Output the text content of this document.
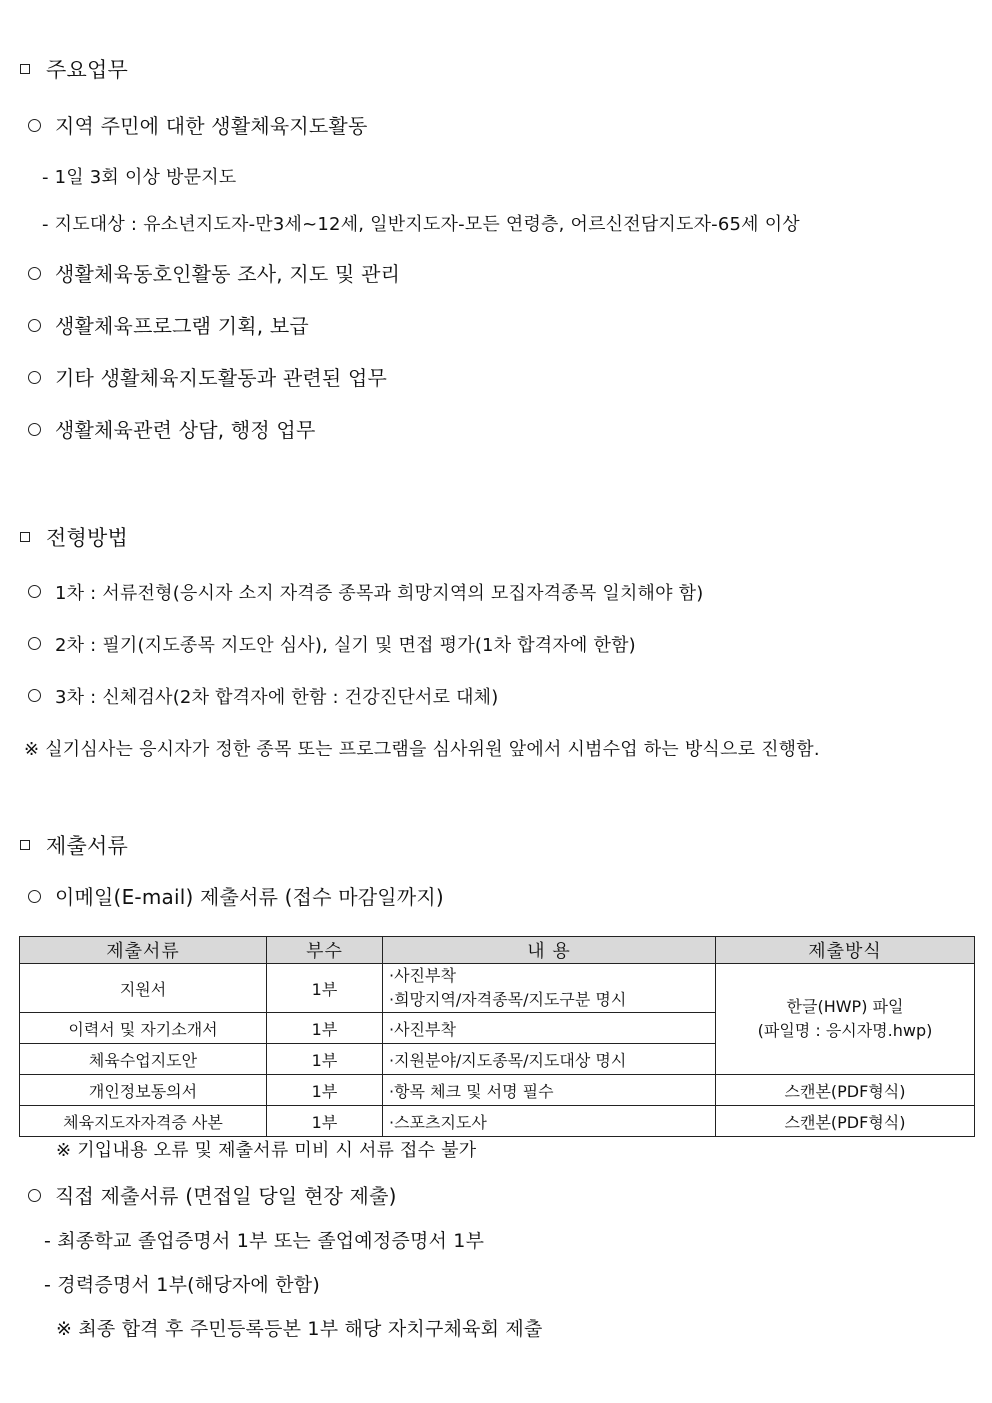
주요업무
지역 주민에 대한 생활체육지도활동
- 1일 3회 이상 방문지도
- 지도대상 : 유소년지도자-만3세~12세, 일반지도자-모든 연령층, 어르신전담지도자-65세 이상
생활체육동호인활동 조사, 지도 및 관리
생활체육프로그램 기획, 보급
기타 생활체육지도활동과 관련된 업무
생활체육관련 상담, 행정 업무
전형방법
1차 : 서류전형(응시자 소지 자격증 종목과 희망지역의 모집자격종목 일치해야 함)
2차 : 필기(지도종목 지도안 심사), 실기 및 면접 평가(1차 합격자에 한함)
3차 : 신체검사(2차 합격자에 한함 : 건강진단서로 대체)
※ 실기심사는 응시자가 정한 종목 또는 프로그램을 심사위원 앞에서 시범수업 하는 방식으로 진행함.
제출서류
이메일(E-mail) 제출서류 (접수 마감일까지)
제출서류	부수	내 용	제출방식
지원서	1부	·사진부착
·희망지역/자격종목/지도구분 명시	한글(HWP) 파일
(파일명 : 응시자명.hwp)

이력서 및 자기소개서	1부	·사진부착	
체육수업지도안	1부	·지원분야/지도종목/지도대상 명시	
개인정보동의서	1부	·항목 체크 및 서명 필수	스캔본(PDF형식)
체육지도자자격증 사본	1부	·스포츠지도사	스캔본(PDF형식)
※ 기입내용 오류 및 제출서류 미비 시 서류 접수 불가
직접 제출서류 (면접일 당일 현장 제출)
- 최종학교 졸업증명서 1부 또는 졸업예정증명서 1부
- 경력증명서 1부(해당자에 한함)
※ 최종 합격 후 주민등록등본 1부 해당 자치구체육회 제출
